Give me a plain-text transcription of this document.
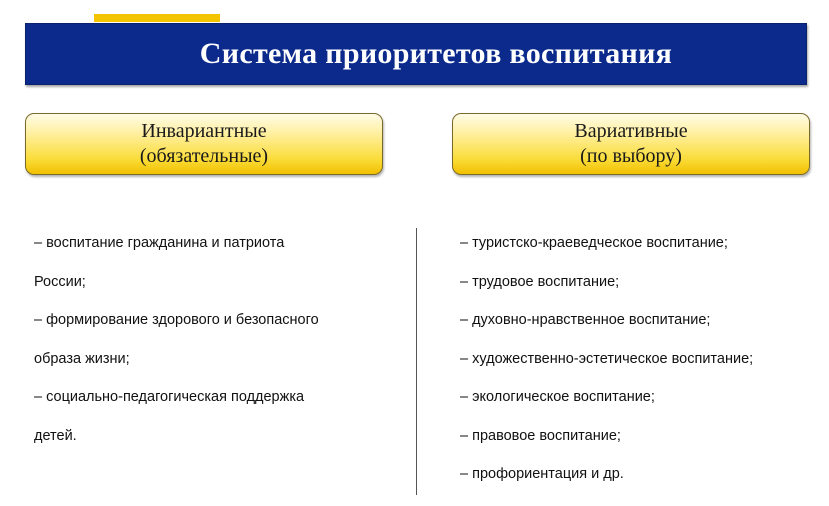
Система приоритетов воспитания
Инвариантные
(обязательные)
Вариативные
(по выбору)
– воспитание гражданина и патриота
России;
– формирование здорового и безопасного
образа жизни;
– социально-педагогическая поддержка
детей.
– туристско-краеведческое воспитание;
– трудовое воспитание;
– духовно-нравственное воспитание;
– художественно-эстетическое воспитание;
– экологическое воспитание;
– правовое воспитание;
– профориентация и др.
